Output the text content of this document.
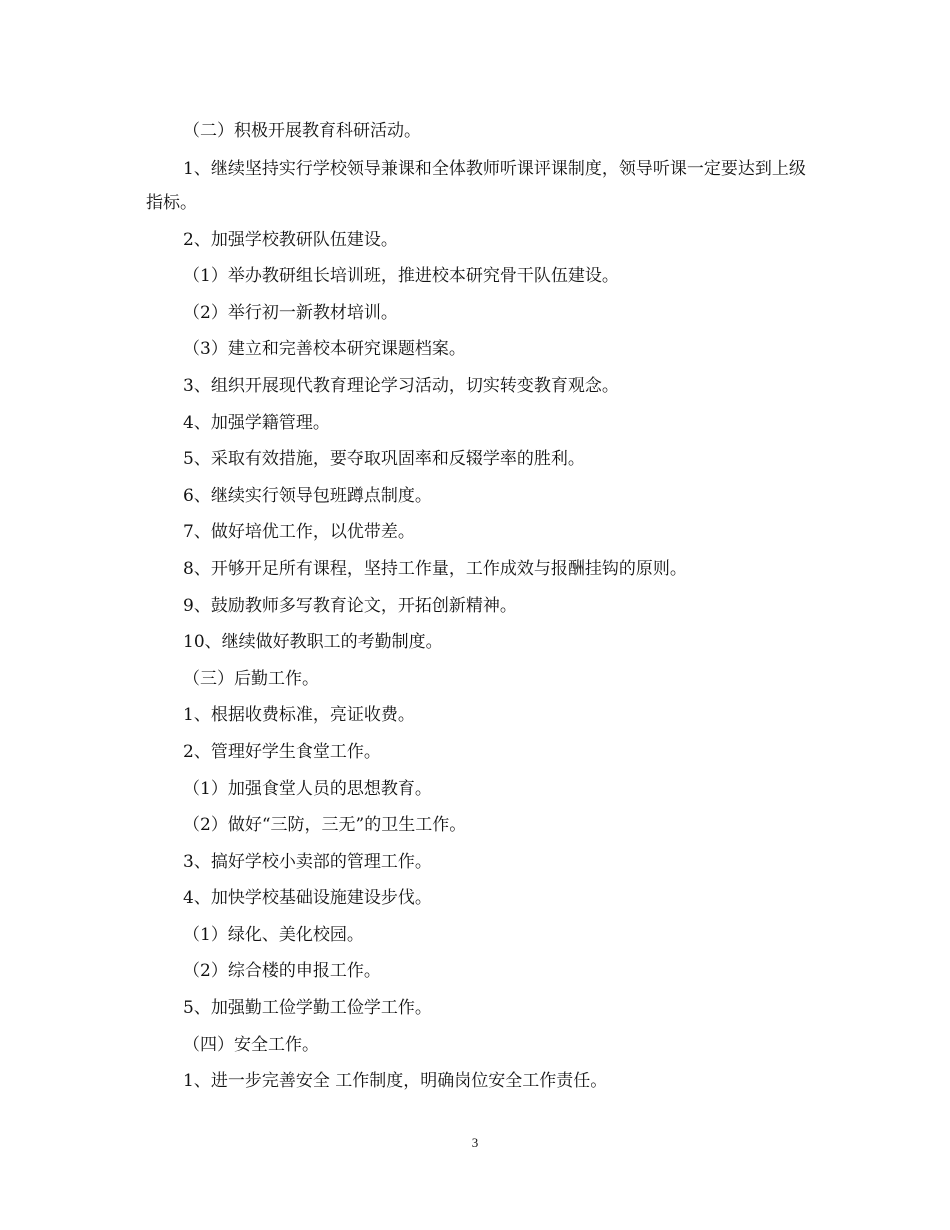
（二）积极开展教育科研活动。

1、继续坚持实行学校领导兼课和全体教师听课评课制度，领导听课一定要达到上级指标。

2、加强学校教研队伍建设。

（1）举办教研组长培训班，推进校本研究骨干队伍建设。

（2）举行初一新教材培训。

（3）建立和完善校本研究课题档案。

3、组织开展现代教育理论学习活动，切实转变教育观念。

4、加强学籍管理。

5、采取有效措施，要夺取巩固率和反辍学率的胜利。

6、继续实行领导包班蹲点制度。

7、做好培优工作，以优带差。

8、开够开足所有课程，坚持工作量，工作成效与报酬挂钩的原则。

9、鼓励教师多写教育论文，开拓创新精神。

10、继续做好教职工的考勤制度。

（三）后勤工作。

1、根据收费标准，亮证收费。

2、管理好学生食堂工作。

（1）加强食堂人员的思想教育。

（2）做好“三防，三无”的卫生工作。

3、搞好学校小卖部的管理工作。

4、加快学校基础设施建设步伐。

（1）绿化、美化校园。

（2）综合楼的申报工作。

5、加强勤工俭学勤工俭学工作。

（四）安全工作。

1、进一步完善安全 工作制度，明确岗位安全工作责任。

3
